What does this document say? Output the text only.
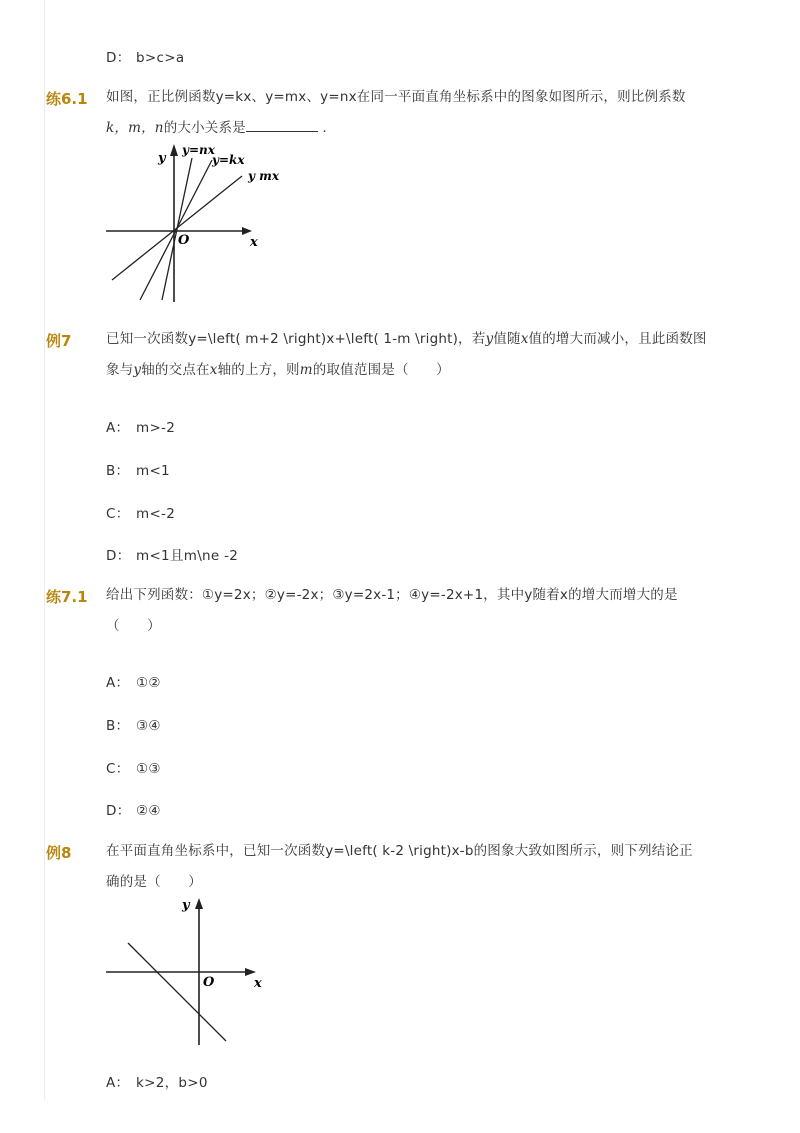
D： b>c>a
练6.1 如图，正比例函数y=kx、y=mx、y=nx在同一平面直角坐标系中的图象如图所示，则比例系数
k，m，n的大小关系是	.
y
x
O
y=nx
y=kx
y mx
例7	已知一次函数y=\left( m+2 \right)x+\left( 1-m \right)，若y值随x值的增大而减小，且此函数图
象与y轴的交点在x轴的上方，则m的取值范围是（　　）
A： m>-2
B： m<1
C： m<-2
D： m<1且m\ne -2
练7.1 给出下列函数：①y=2x；②y=-2x；③y=2x-1；④y=-2x+1，其中y随着x的增大而增大的是
（　　）
A： ①②
B： ③④
C： ①③
D： ②④
例8	在平面直角坐标系中，已知一次函数y=\left( k-2 \right)x-b的图象大致如图所示，则下列结论正
确的是（　　）
y
x
O
A： k>2，b>0
